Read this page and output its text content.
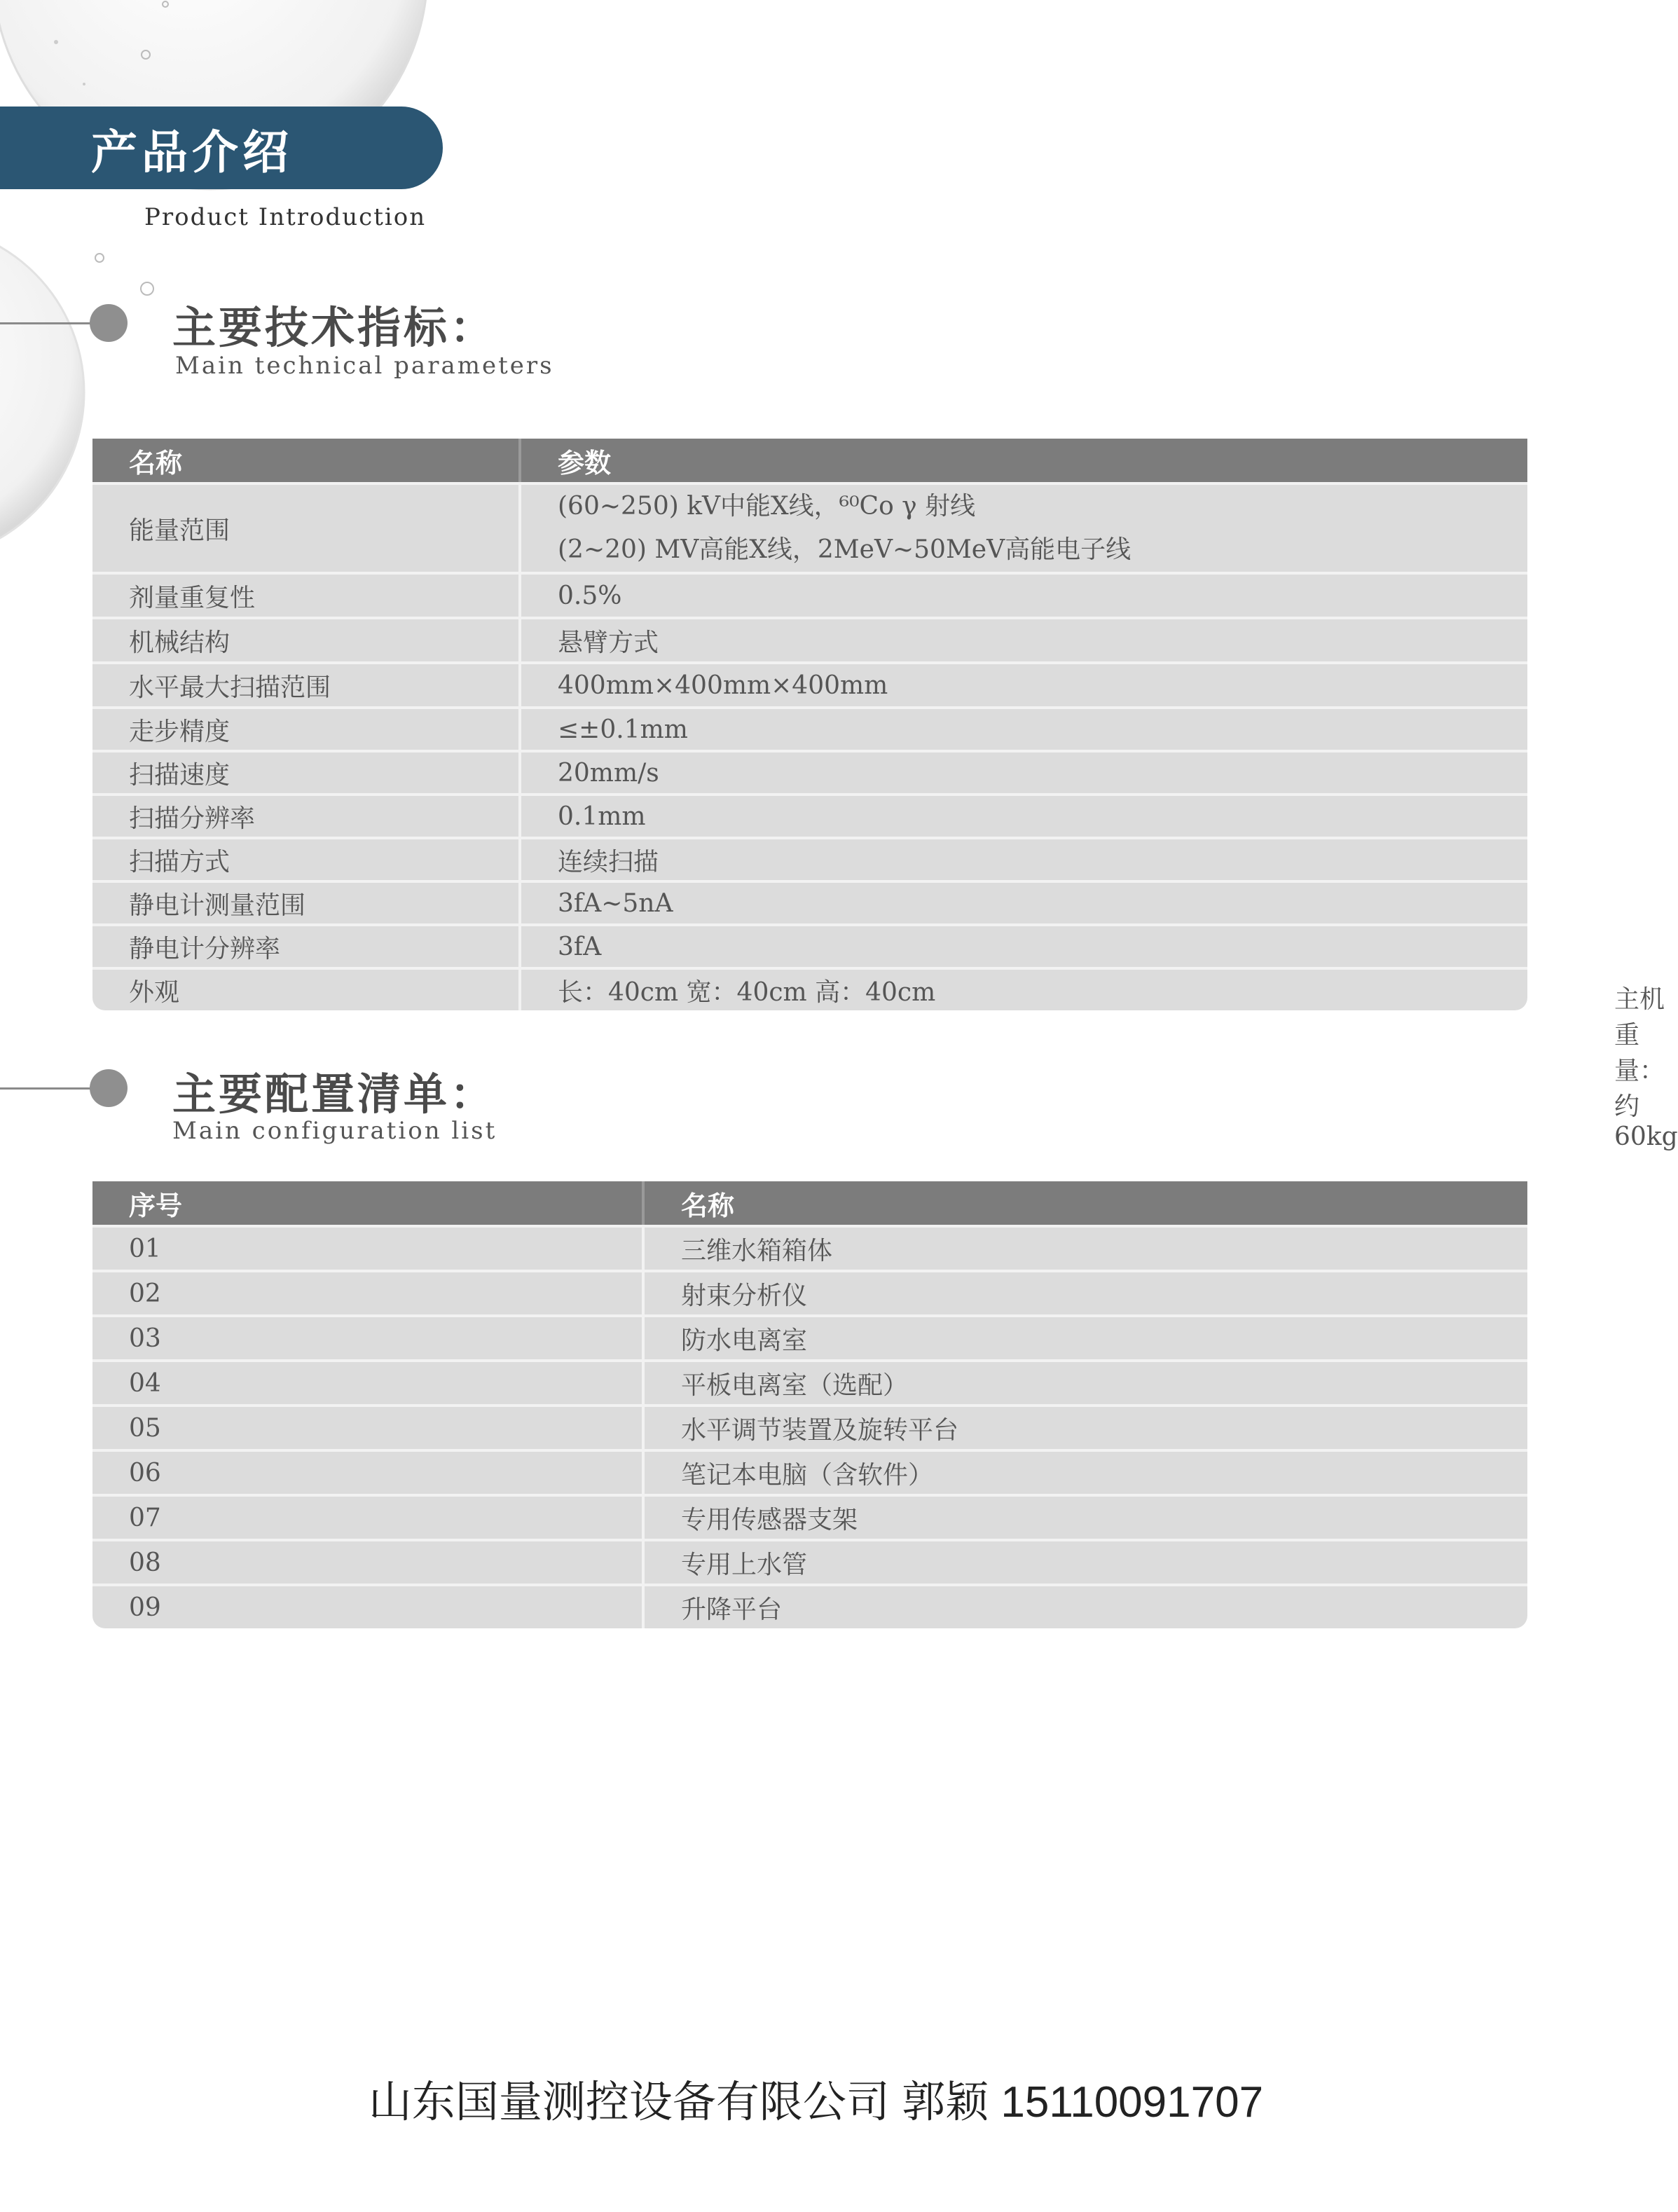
产品介绍
Product Introduction
主要技术指标：
Main technical parameters
名称	参数
能量范围	(60~250) kV中能X线，⁶⁰Co γ 射线
(2~20) MV高能X线，2MeV~50MeV高能电子线

剂量重复性	0.5%
机械结构	悬臂方式
水平最大扫描范围	400mm×400mm×400mm
走步精度	≤±0.1mm
扫描速度	20mm/s
扫描分辨率	0.1mm
扫描方式	连续扫描
静电计测量范围	3fA~5nA
静电计分辨率	3fA
外观	长：40cm 宽：40cm 高：40cm 主机重量：约60kg
主要配置清单：
Main configuration list
序号	名称
01	三维水箱箱体
02	射束分析仪
03	防水电离室
04	平板电离室（选配）
05	水平调节装置及旋转平台
06	笔记本电脑（含软件）
07	专用传感器支架
08	专用上水管
09	升降平台
山东国量测控设备有限公司 郭颖 15110091707
